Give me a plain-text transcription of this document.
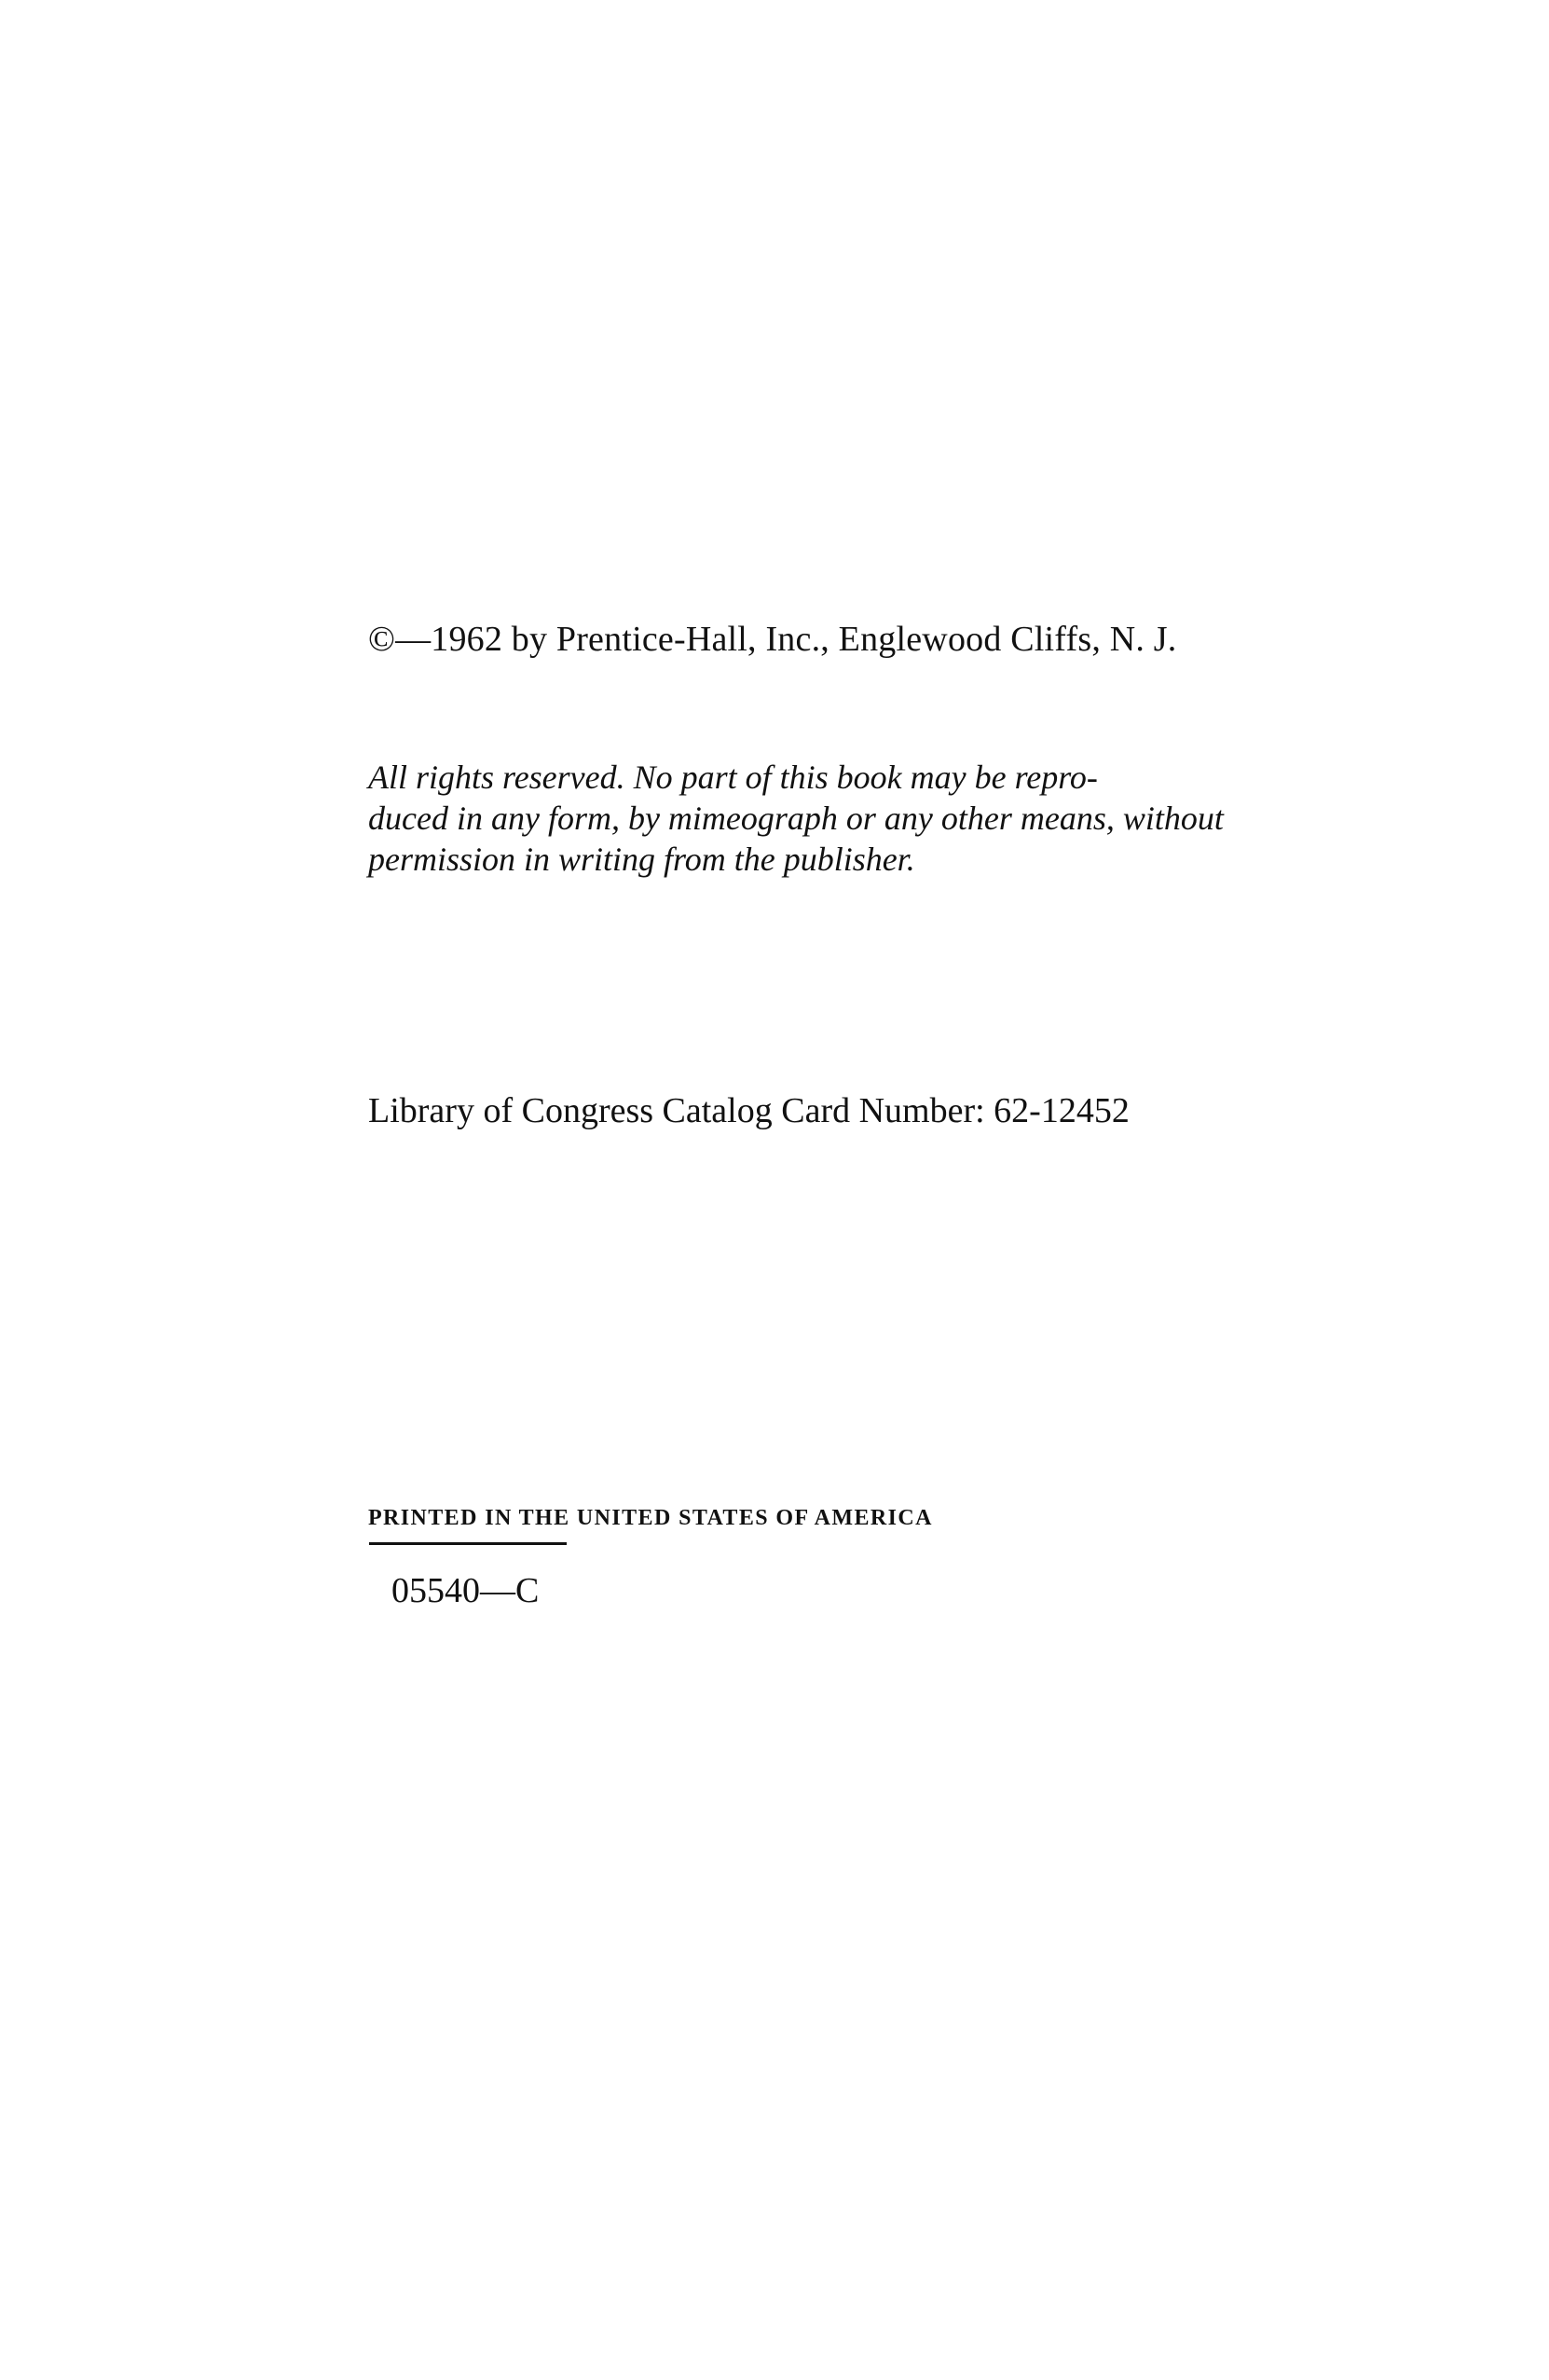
©—1962 by Prentice-Hall, Inc., Englewood Cliffs, N. J.
All rights reserved. No part of this book may be repro-
duced in any form, by mimeograph or any other means, without
permission in writing from the publisher.
Library of Congress Catalog Card Number: 62-12452
PRINTED IN THE UNITED STATES OF AMERICA
05540—C
